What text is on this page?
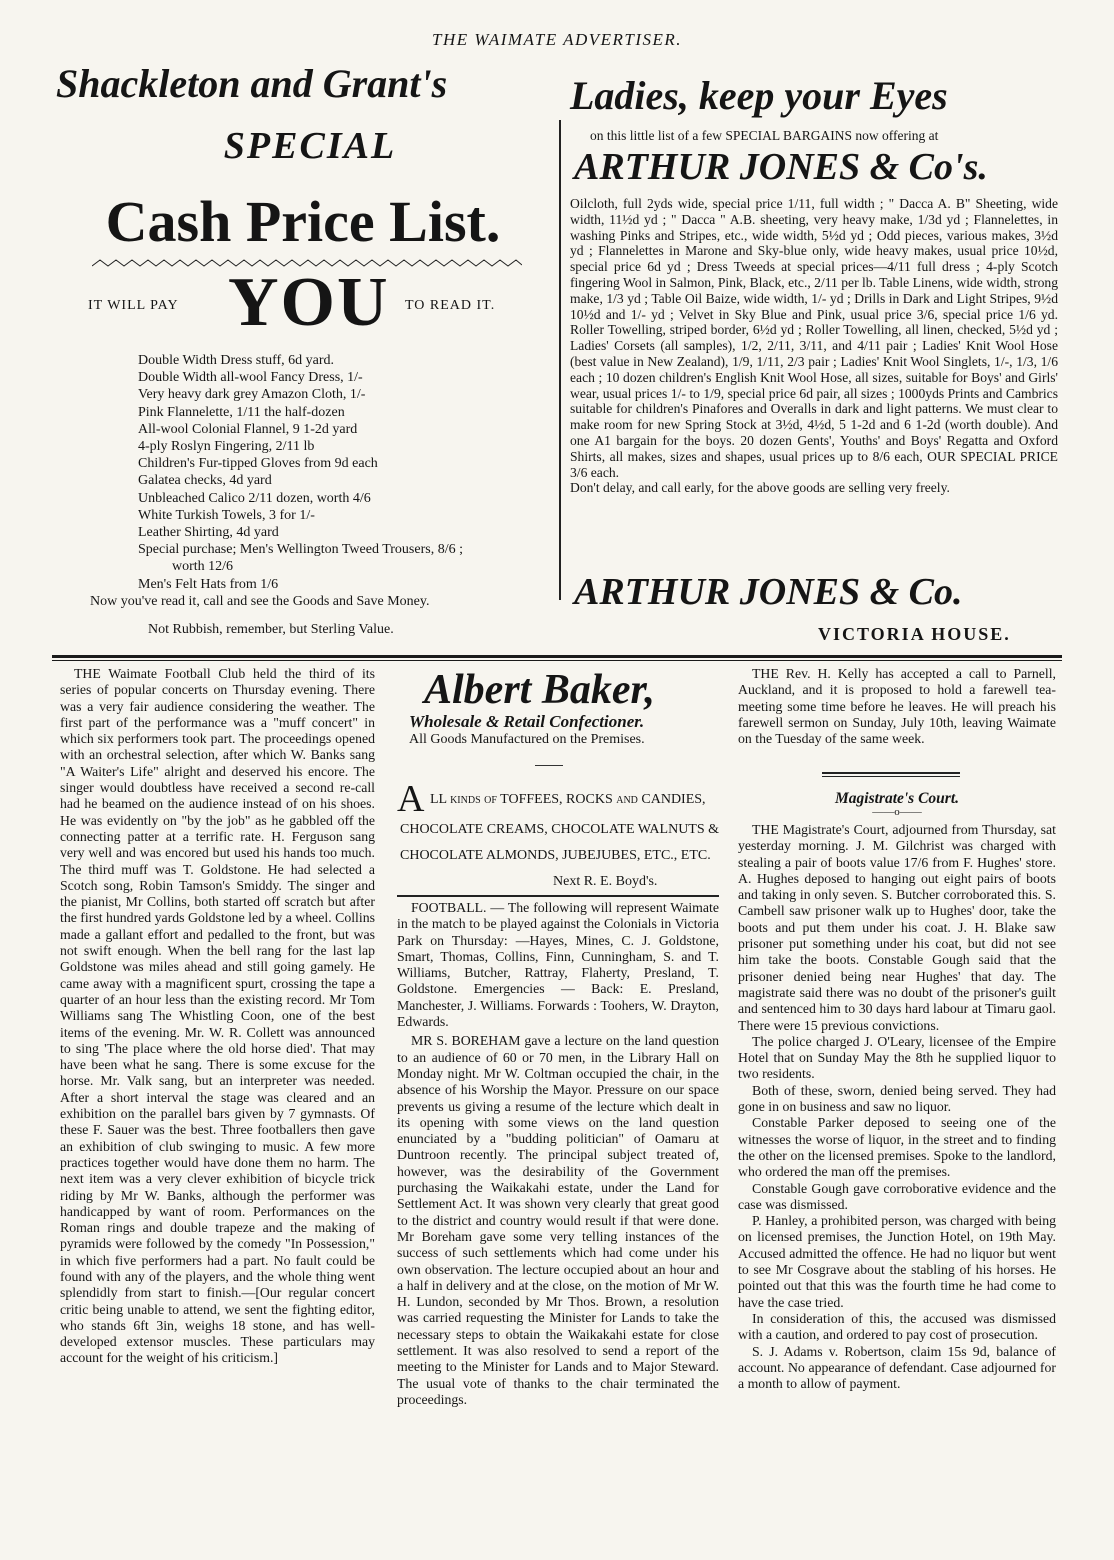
THE WAIMATE ADVERTISER.
Shackleton and Grant's
SPECIAL
Cash Price List.
IT WILL PAY YOU TO READ IT.
Double Width Dress stuff, 6d yard.
Double Width all-wool Fancy Dress, 1/-
Very heavy dark grey Amazon Cloth, 1/-
Pink Flannelette, 1/11 the half-dozen
All-wool Colonial Flannel, 9 1-2d yard
4-ply Roslyn Fingering, 2/11 lb
Children's Fur-tipped Gloves from 9d each
Galatea checks, 4d yard
Unbleached Calico 2/11 dozen, worth 4/6
White Turkish Towels, 3 for 1/-
Leather Shirting, 4d yard
Special purchase; Men's Wellington Tweed Trousers, 8/6 ;
worth 12/6
Men's Felt Hats from 1/6
Now you've read it, call and see the Goods and Save Money.
Not Rubbish, remember, but Sterling Value.
Ladies, keep your Eyes
on this little list of a few SPECIAL BARGAINS now offering at
ARTHUR JONES & Co's.
Oilcloth, full 2yds wide, special price 1/11, full width ; " Dacca A. B" Sheeting, wide width, 11½d yd ; " Dacca " A.B. sheeting, very heavy make, 1/3d yd ; Flannelettes, in washing Pinks and Stripes, etc., wide width, 5½d yd ; Odd pieces, various makes, 3½d yd ; Flannelettes in Marone and Sky-blue only, wide heavy makes, usual price 10½d, special price 6d yd ; Dress Tweeds at special prices—4/11 full dress ; 4-ply Scotch fingering Wool in Salmon, Pink, Black, etc., 2/11 per lb. Table Linens, wide width, strong make, 1/3 yd ; Table Oil Baize, wide width, 1/- yd ; Drills in Dark and Light Stripes, 9½d 10½d and 1/- yd ; Velvet in Sky Blue and Pink, usual price 3/6, special price 1/6 yd. Roller Towelling, striped border, 6½d yd ; Roller Towelling, all linen, checked, 5½d yd ; Ladies' Corsets (all samples), 1/2, 2/11, 3/11, and 4/11 pair ; Ladies' Knit Wool Hose (best value in New Zealand), 1/9, 1/11, 2/3 pair ; Ladies' Knit Wool Singlets, 1/-, 1/3, 1/6 each ; 10 dozen children's English Knit Wool Hose, all sizes, suitable for Boys' and Girls' wear, usual prices 1/- to 1/9, special price 6d pair, all sizes ; 1000yds Prints and Cambrics suitable for children's Pinafores and Overalls in dark and light patterns. We must clear to make room for new Spring Stock at 3½d, 4½d, 5 1-2d and 6 1-2d (worth double). And one A1 bargain for the boys. 20 dozen Gents', Youths' and Boys' Regatta and Oxford Shirts, all makes, sizes and shapes, usual prices up to 8/6 each, OUR SPECIAL PRICE 3/6 each.
Don't delay, and call early, for the above goods are selling very freely.
ARTHUR JONES & Co.
VICTORIA HOUSE.

THE Waimate Football Club held the third of its series of popular concerts on Thursday evening. There was a very fair audience considering the weather. The first part of the performance was a "muff concert" in which six performers took part. The proceedings opened with an orchestral selection, after which W. Banks sang "A Waiter's Life" alright and deserved his encore. The singer would doubtless have received a second re-call had he beamed on the audience instead of on his shoes. He was evidently on "by the job" as he gabbled off the connecting patter at a terrific rate. H. Ferguson sang very well and was encored but used his hands too much. The third muff was T. Goldstone. He had selected a Scotch song, Robin Tamson's Smiddy. The singer and the pianist, Mr Collins, both started off scratch but after the first hundred yards Goldstone led by a wheel. Collins made a gallant effort and pedalled to the front, but was not swift enough. When the bell rang for the last lap Goldstone was miles ahead and still going gamely. He came away with a magnificent spurt, crossing the tape a quarter of an hour less than the existing record. Mr Tom Williams sang The Whistling Coon, one of the best items of the evening. Mr. W. R. Collett was announced to sing 'The place where the old horse died'. That may have been what he sang. There is some excuse for the horse. Mr. Valk sang, but an interpreter was needed. After a short interval the stage was cleared and an exhibition on the parallel bars given by 7 gymnasts. Of these F. Sauer was the best. Three footballers then gave an exhibition of club swinging to music. A few more practices together would have done them no harm. The next item was a very clever exhibition of bicycle trick riding by Mr W. Banks, although the performer was handicapped by want of room. Performances on the Roman rings and double trapeze and the making of pyramids were followed by the comedy "In Possession," in which five performers had a part. No fault could be found with any of the players, and the whole thing went splendidly from start to finish.—[Our regular concert critic being unable to attend, we sent the fighting editor, who stands 6ft 3in, weighs 18 stone, and has well-developed extensor muscles. These particulars may account for the weight of his criticism.]

Albert Baker,
Wholesale & Retail Confectioner.
All Goods Manufactured on the Premises.
A LL kinds of TOFFEES, ROCKS and CANDIES,
CHOCOLATE CREAMS, CHOCOLATE WALNUTS &
CHOCOLATE ALMONDS, JUBEJUBES, ETC., ETC.
Next R. E. Boyd's.

FOOTBALL. — The following will represent Waimate in the match to be played against the Colonials in Victoria Park on Thursday: —Hayes, Mines, C. J. Goldstone, Smart, Thomas, Collins, Finn, Cunningham, S. and T. Williams, Butcher, Rattray, Flaherty, Presland, T. Goldstone. Emergencies — Back: E. Presland, Manchester, J. Williams. Forwards : Toohers, W. Drayton, Edwards.

MR S. BOREHAM gave a lecture on the land question to an audience of 60 or 70 men, in the Library Hall on Monday night. Mr W. Coltman occupied the chair, in the absence of his Worship the Mayor. Pressure on our space prevents us giving a resume of the lecture which dealt in its opening with some views on the land question enunciated by a "budding politician" of Oamaru at Duntroon recently. The principal subject treated of, however, was the desirability of the Government purchasing the Waikakahi estate, under the Land for Settlement Act. It was shown very clearly that great good to the district and country would result if that were done. Mr Boreham gave some very telling instances of the success of such settlements which had come under his own observation. The lecture occupied about an hour and a half in delivery and at the close, on the motion of Mr W. H. Lundon, seconded by Mr Thos. Brown, a resolution was carried requesting the Minister for Lands to take the necessary steps to obtain the Waikakahi estate for close settlement. It was also resolved to send a report of the meeting to the Minister for Lands and to Major Steward. The usual vote of thanks to the chair terminated the proceedings.

THE Rev. H. Kelly has accepted a call to Parnell, Auckland, and it is proposed to hold a farewell tea-meeting some time before he leaves. He will preach his farewell sermon on Sunday, July 10th, leaving Waimate on the Tuesday of the same week.

Magistrate's Court.
——o——

THE Magistrate's Court, adjourned from Thursday, sat yesterday morning. J. M. Gilchrist was charged with stealing a pair of boots value 17/6 from F. Hughes' store. A. Hughes deposed to hanging out eight pairs of boots and taking in only seven. S. Butcher corroborated this. S. Cambell saw prisoner walk up to Hughes' door, take the boots and put them under his coat. J. H. Blake saw prisoner put something under his coat, but did not see him take the boots. Constable Gough said that the prisoner denied being near Hughes' that day. The magistrate said there was no doubt of the prisoner's guilt and sentenced him to 30 days hard labour at Timaru gaol. There were 15 previous convictions.

The police charged J. O'Leary, licensee of the Empire Hotel that on Sunday May the 8th he supplied liquor to two residents.

Both of these, sworn, denied being served. They had gone in on business and saw no liquor.

Constable Parker deposed to seeing one of the witnesses the worse of liquor, in the street and to finding the other on the licensed premises. Spoke to the landlord, who ordered the man off the premises.

Constable Gough gave corroborative evidence and the case was dismissed.

P. Hanley, a prohibited person, was charged with being on licensed premises, the Junction Hotel, on 19th May. Accused admitted the offence. He had no liquor but went to see Mr Cosgrave about the stabling of his horses. He pointed out that this was the fourth time he had come to have the case tried.

In consideration of this, the accused was dismissed with a caution, and ordered to pay cost of prosecution.

S. J. Adams v. Robertson, claim 15s 9d, balance of account. No appearance of defendant. Case adjourned for a month to allow of payment.
